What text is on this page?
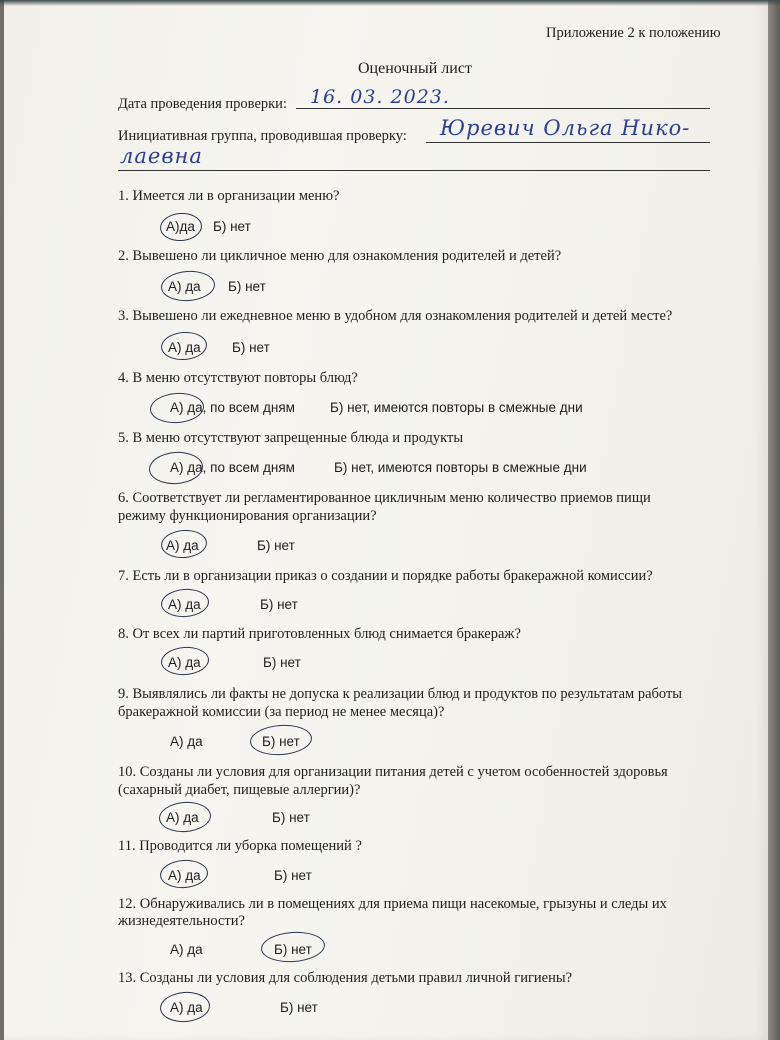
Приложение 2 к положению
Оценочный лист
Дата проведения проверки: 16. 03. 2023.
Инициативная группа, проводившая проверку: Юревич Ольга Нико-
лаевна
1. Имеется ли в организации меню?
А)да Б) нет
2. Вывешено ли цикличное меню для ознакомления родителей и детей?
А) да Б) нет
3. Вывешено ли ежедневное меню в удобном для ознакомления родителей и детей месте?
А) да Б) нет
4. В меню отсутствуют повторы блюд?
А) да, по всем дням	Б) нет, имеются повторы в смежные дни
5. В меню отсутствуют запрещенные блюда и продукты
А) да, по всем дням	Б) нет, имеются повторы в смежные дни
6. Соответствует ли регламентированное цикличным меню количество приемов пищи
режиму функционирования организации?
А) да	Б) нет
7. Есть ли в организации приказ о создании и порядке работы бракеражной комиссии?
А) да	Б) нет
8. От всех ли партий приготовленных блюд снимается бракераж?
А) да	Б) нет
9. Выявлялись ли факты не допуска к реализации блюд и продуктов по результатам работы
бракеражной комиссии (за период не менее месяца)?
А) да	Б) нет
10. Созданы ли условия для организации питания детей с учетом особенностей здоровья
(сахарный диабет, пищевые аллергии)?
А) да	Б) нет
11. Проводится ли уборка помещений ?
А) да	Б) нет
12. Обнаруживались ли в помещениях для приема пищи насекомые, грызуны и следы их
жизнедеятельности?
А) да	Б) нет
13. Созданы ли условия для соблюдения детьми правил личной гигиены?
А) да	Б) нет
